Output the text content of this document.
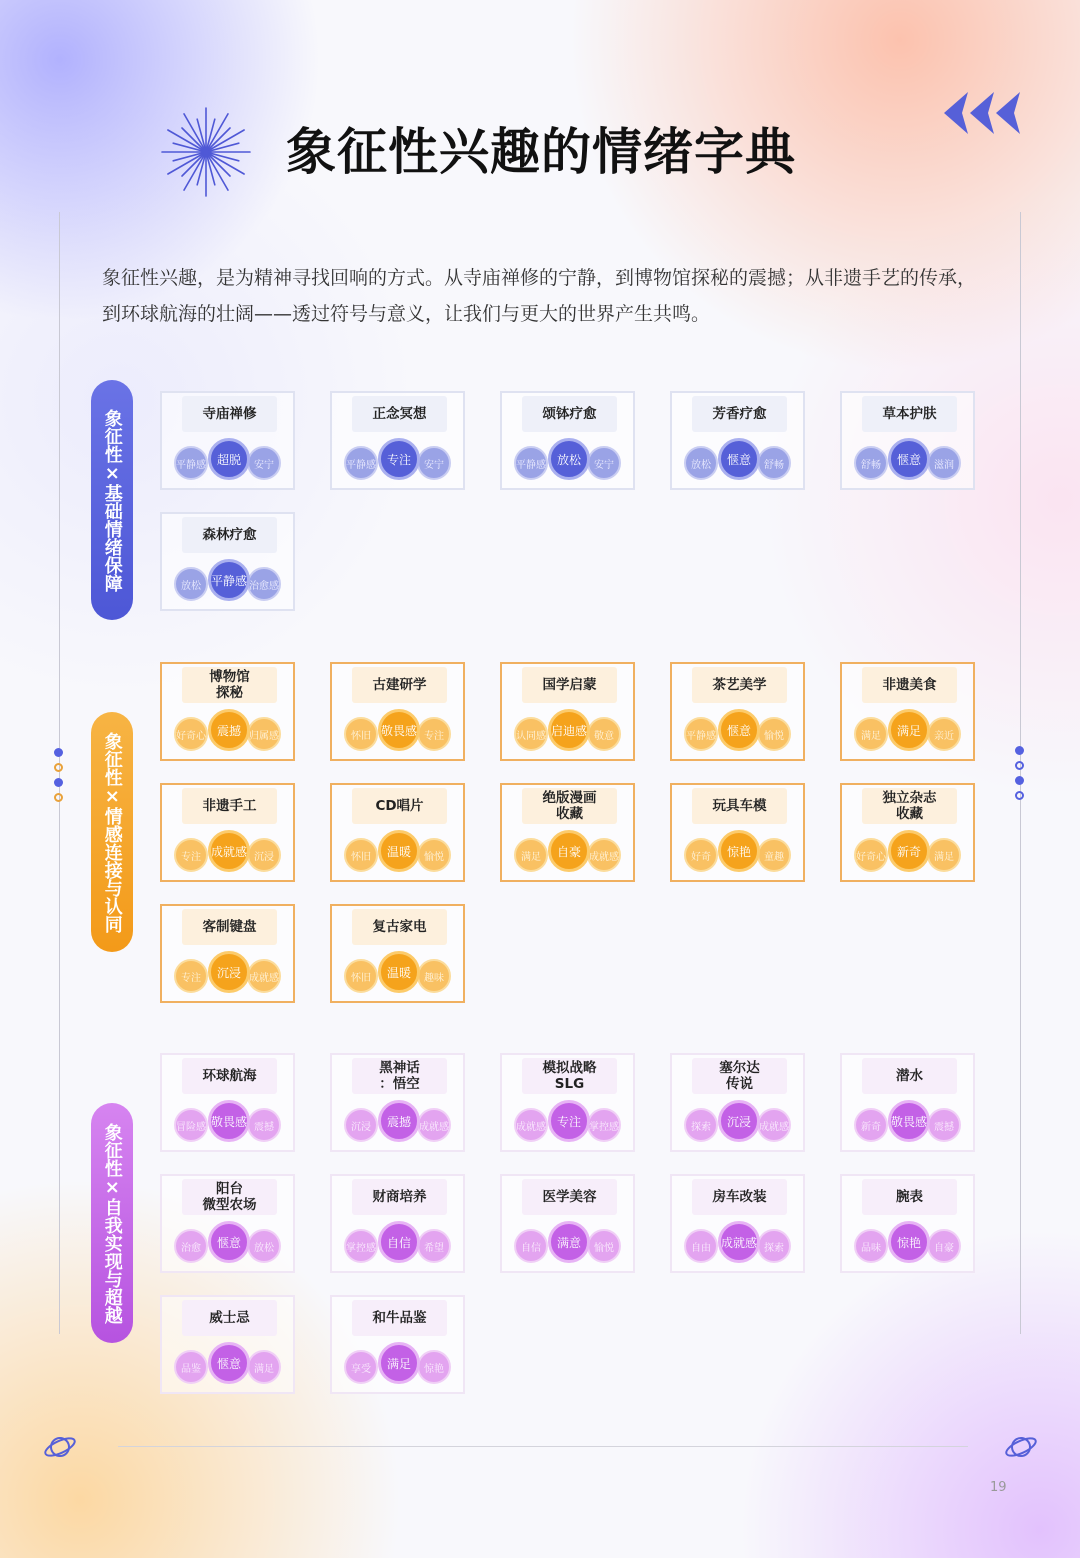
象征性兴趣的情绪字典

象征性兴趣，是为精神寻找回响的方式。从寺庙禅修的宁静，到博物馆探秘的震撼；从非遗手艺的传承，到环球航海的壮阔——透过符号与意义，让我们与更大的世界产生共鸣。

象征性×基础情绪保障
象征性×情感连接与认同
象征性×自我实现与超越
寺庙禅修
平静感 超脱	安宁
正念冥想
平静感 专注	安宁
颂钵疗愈
平静感 放松	安宁
芳香疗愈
放松	惬意	舒畅
草本护肤
舒畅	惬意	滋润
森林疗愈
放松 平静感 治愈感
博物馆
探秘
好奇心 震撼 归属感
古建研学
怀旧 敬畏感 专注
国学启蒙
认同感 启迪感 敬意
茶艺美学
平静感 惬意	愉悦
非遗美食
满足	满足	亲近
非遗手工
专注 成就感 沉浸
CD唱片
怀旧	温暖	愉悦
绝版漫画
收藏
满足	自豪 成就感
玩具车模
好奇	惊艳	童趣
独立杂志
收藏
好奇心 新奇	满足
客制键盘
专注	沉浸 成就感
复古家电
怀旧	温暖	趣味
环球航海
冒险感 敬畏感 震撼
黑神话
：悟空
沉浸	震撼 成就感
模拟战略
SLG
成就感 专注 掌控感
塞尔达
传说
探索	沉浸 成就感
潜水
新奇 敬畏感 震撼
阳台
微型农场
治愈	惬意	放松
财商培养
掌控感 自信	希望
医学美容
自信	满意	愉悦
房车改装
自由 成就感 探索
腕表
品味	惊艳	自豪
威士忌
品鉴	惬意	满足
和牛品鉴
享受	满足	惊艳
19
